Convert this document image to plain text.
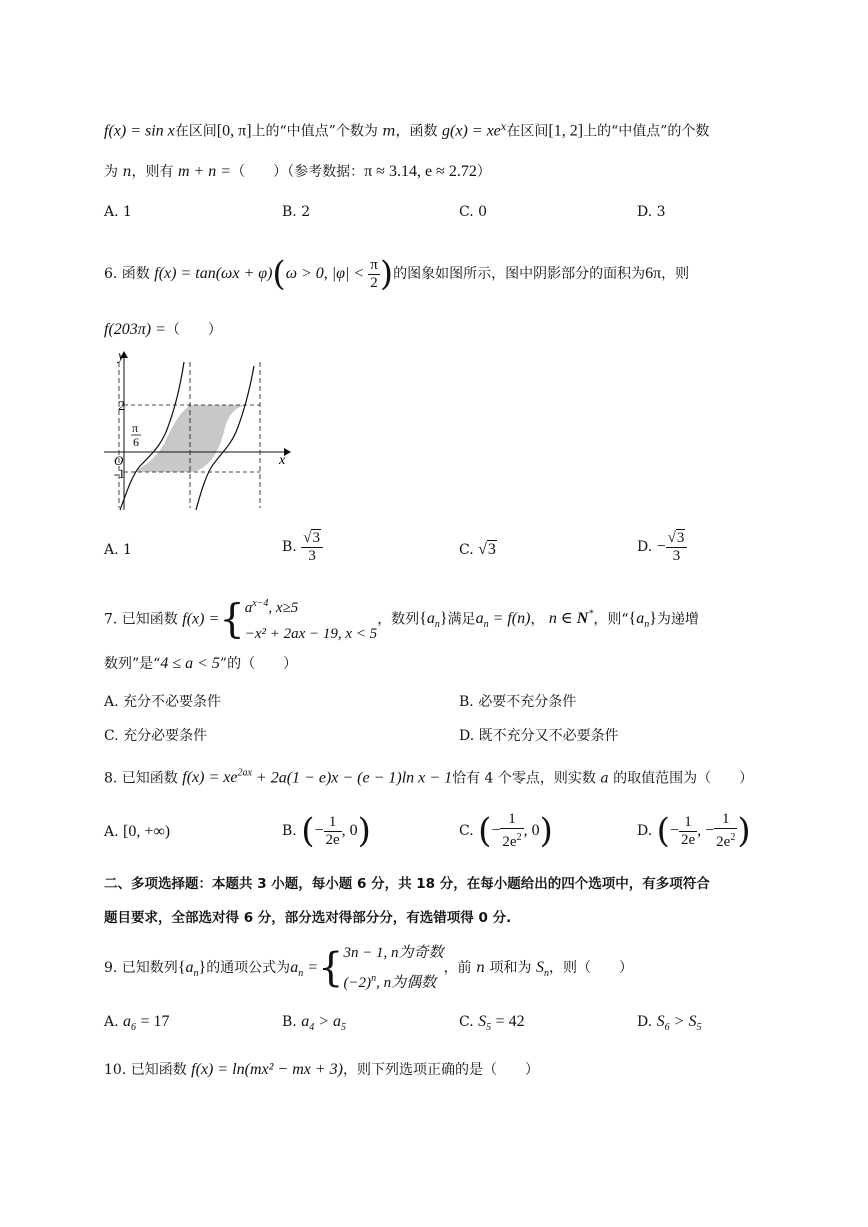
f(x) = sin x在区间[0, π]上的“中值点”个数为 m，函数 $g(x) = xe^x$在区间[1, 2]上的“中值点”的个数
为 n，则有 m + n =（　　）（参考数据：π ≈ 3.14, e ≈ 2.72）
A. 1	B. 2	C. 0	D. 3
6. 函数 f(x) = tan(ωx + φ)(ω > 0, $|\varphi| < \frac{\pi}{2}$ )的图象如图所示，图中阴影部分的面积为6π，则
f(203π) =（　　）
y
x
O
2
π
6
-1
A. 1	B. $\frac{√3}{3}$	C. √3	D. − $\frac{√3}{3}$
7. 已知函数 $f(x) =\{a^{x-4}$, x≥5
−x² + 2ax − 19, x < 5，数列$\{a_n\}$满足$a_n = f(n)$， n ∈ N*，则“$\{a_n\}$为递增
数列”是“4 ≤ a < 5”的（　　）
A. 充分不必要条件	B. 必要不充分条件
C. 充分必要条件	D. 既不充分又不必要条件
8. 已知函数 $f(x) = xe^{2ax} + 2a(1 - e)x - (e - 1)\ln$ x − 1恰有 4 个零点，则实数 a 的取值范围为（　　）
A. [0, +∞)	B. (− $\frac{1}{2e}$ , 0)	C. (− $\frac{1}{2e^2}$ , 0)	D. (− $\frac{1}{2e}$ , − $\frac{1}{2e^2}$ )
二、多项选择题：本题共 3 小题，每小题 6 分，共 18 分，在每小题给出的四个选项中，有多项符合
题目要求，全部选对得 6 分，部分选对得部分分，有选错项得 0 分.
9. 已知数列$\{a_n\}$的通项公式为$a_n =\{3n - 1$, n为奇数
$(-2)^n$, n为偶数，前 n 项和为 $S_n$，则（　　）
A. $a_6 = 17$	B. $a_4 > a_5$	C. $S_5 = 42$	D. $S_6 > S_5$
10. 已知函数 f(x) = ln(mx² − mx + 3)，则下列选项正确的是（　　）
